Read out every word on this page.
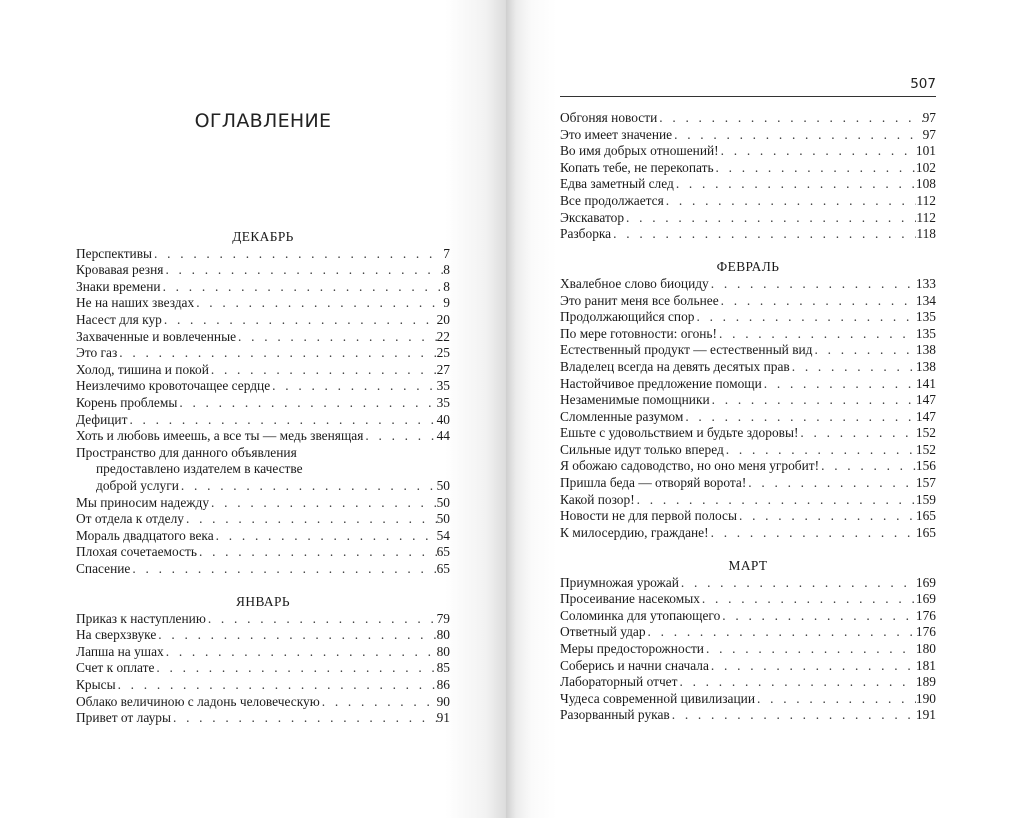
ОГЛАВЛЕНИЕ
ДЕКАБРЬ
Перспективы . . .	7
Кровавая резня . . .	8
Знаки времени . . .	8
Не на наших звездах . . .	9
Насест для кур . . .	20
Захваченные и вовлеченные . . .	22
Это газ . . .	25
Холод, тишина и покой . . .	27
Неизлечимо кровоточащее сердце . . .	35
Корень проблемы . . .	35
Дефицит . . .	40
Хоть и любовь имеешь, а все ты — медь звенящая . . .	44
Пространство для данного объявления
предоставлено издателем в качестве
доброй услуги . . .	50
Мы приносим надежду . . .	50
От отдела к отделу . . .	50
Мораль двадцатого века . . .	54
Плохая сочетаемость . . .	65
Спасение . . .	65
ЯНВАРЬ
Приказ к наступлению . . .	79
На сверхзвуке . . .	80
Лапша на ушах . . .	80
Счет к оплате . . .	85
Крысы . . .	86
Облако величиною с ладонь человеческую . . .	90
Привет от лауры . . .	91
507
Обгоняя новости . . .	97
Это имеет значение . . .	97
Во имя добрых отношений! . . .	101
Копать тебе, не перекопать . . .	102
Едва заметный след . . .	108
Все продолжается . . .	112
Экскаватор . . .	112
Разборка . . .	118
ФЕВРАЛЬ
Хвалебное слово биоциду . . .	133
Это ранит меня все больнее . . .	134
Продолжающийся спор . . .	135
По мере готовности: огонь! . . .	135
Естественный продукт — естественный вид . . .	138
Владелец всегда на девять десятых прав . . .	138
Настойчивое предложение помощи . . .	141
Незаменимые помощники . . .	147
Сломленные разумом . . .	147
Ешьте с удовольствием и будьте здоровы! . . .	152
Сильные идут только вперед . . .	152
Я обожаю садоводство, но оно меня угробит! . . .	156
Пришла беда — отворяй ворота! . . .	157
Какой позор! . . .	159
Новости не для первой полосы . . .	165
К милосердию, граждане! . . .	165
МАРТ
Приумножая урожай . . .	169
Просеивание насекомых . . .	169
Соломинка для утопающего . . .	176
Ответный удар . . .	176
Меры предосторожности . . .	180
Соберись и начни сначала . . .	181
Лабораторный отчет . . .	189
Чудеса современной цивилизации . . .	190
Разорванный рукав . . .	191
